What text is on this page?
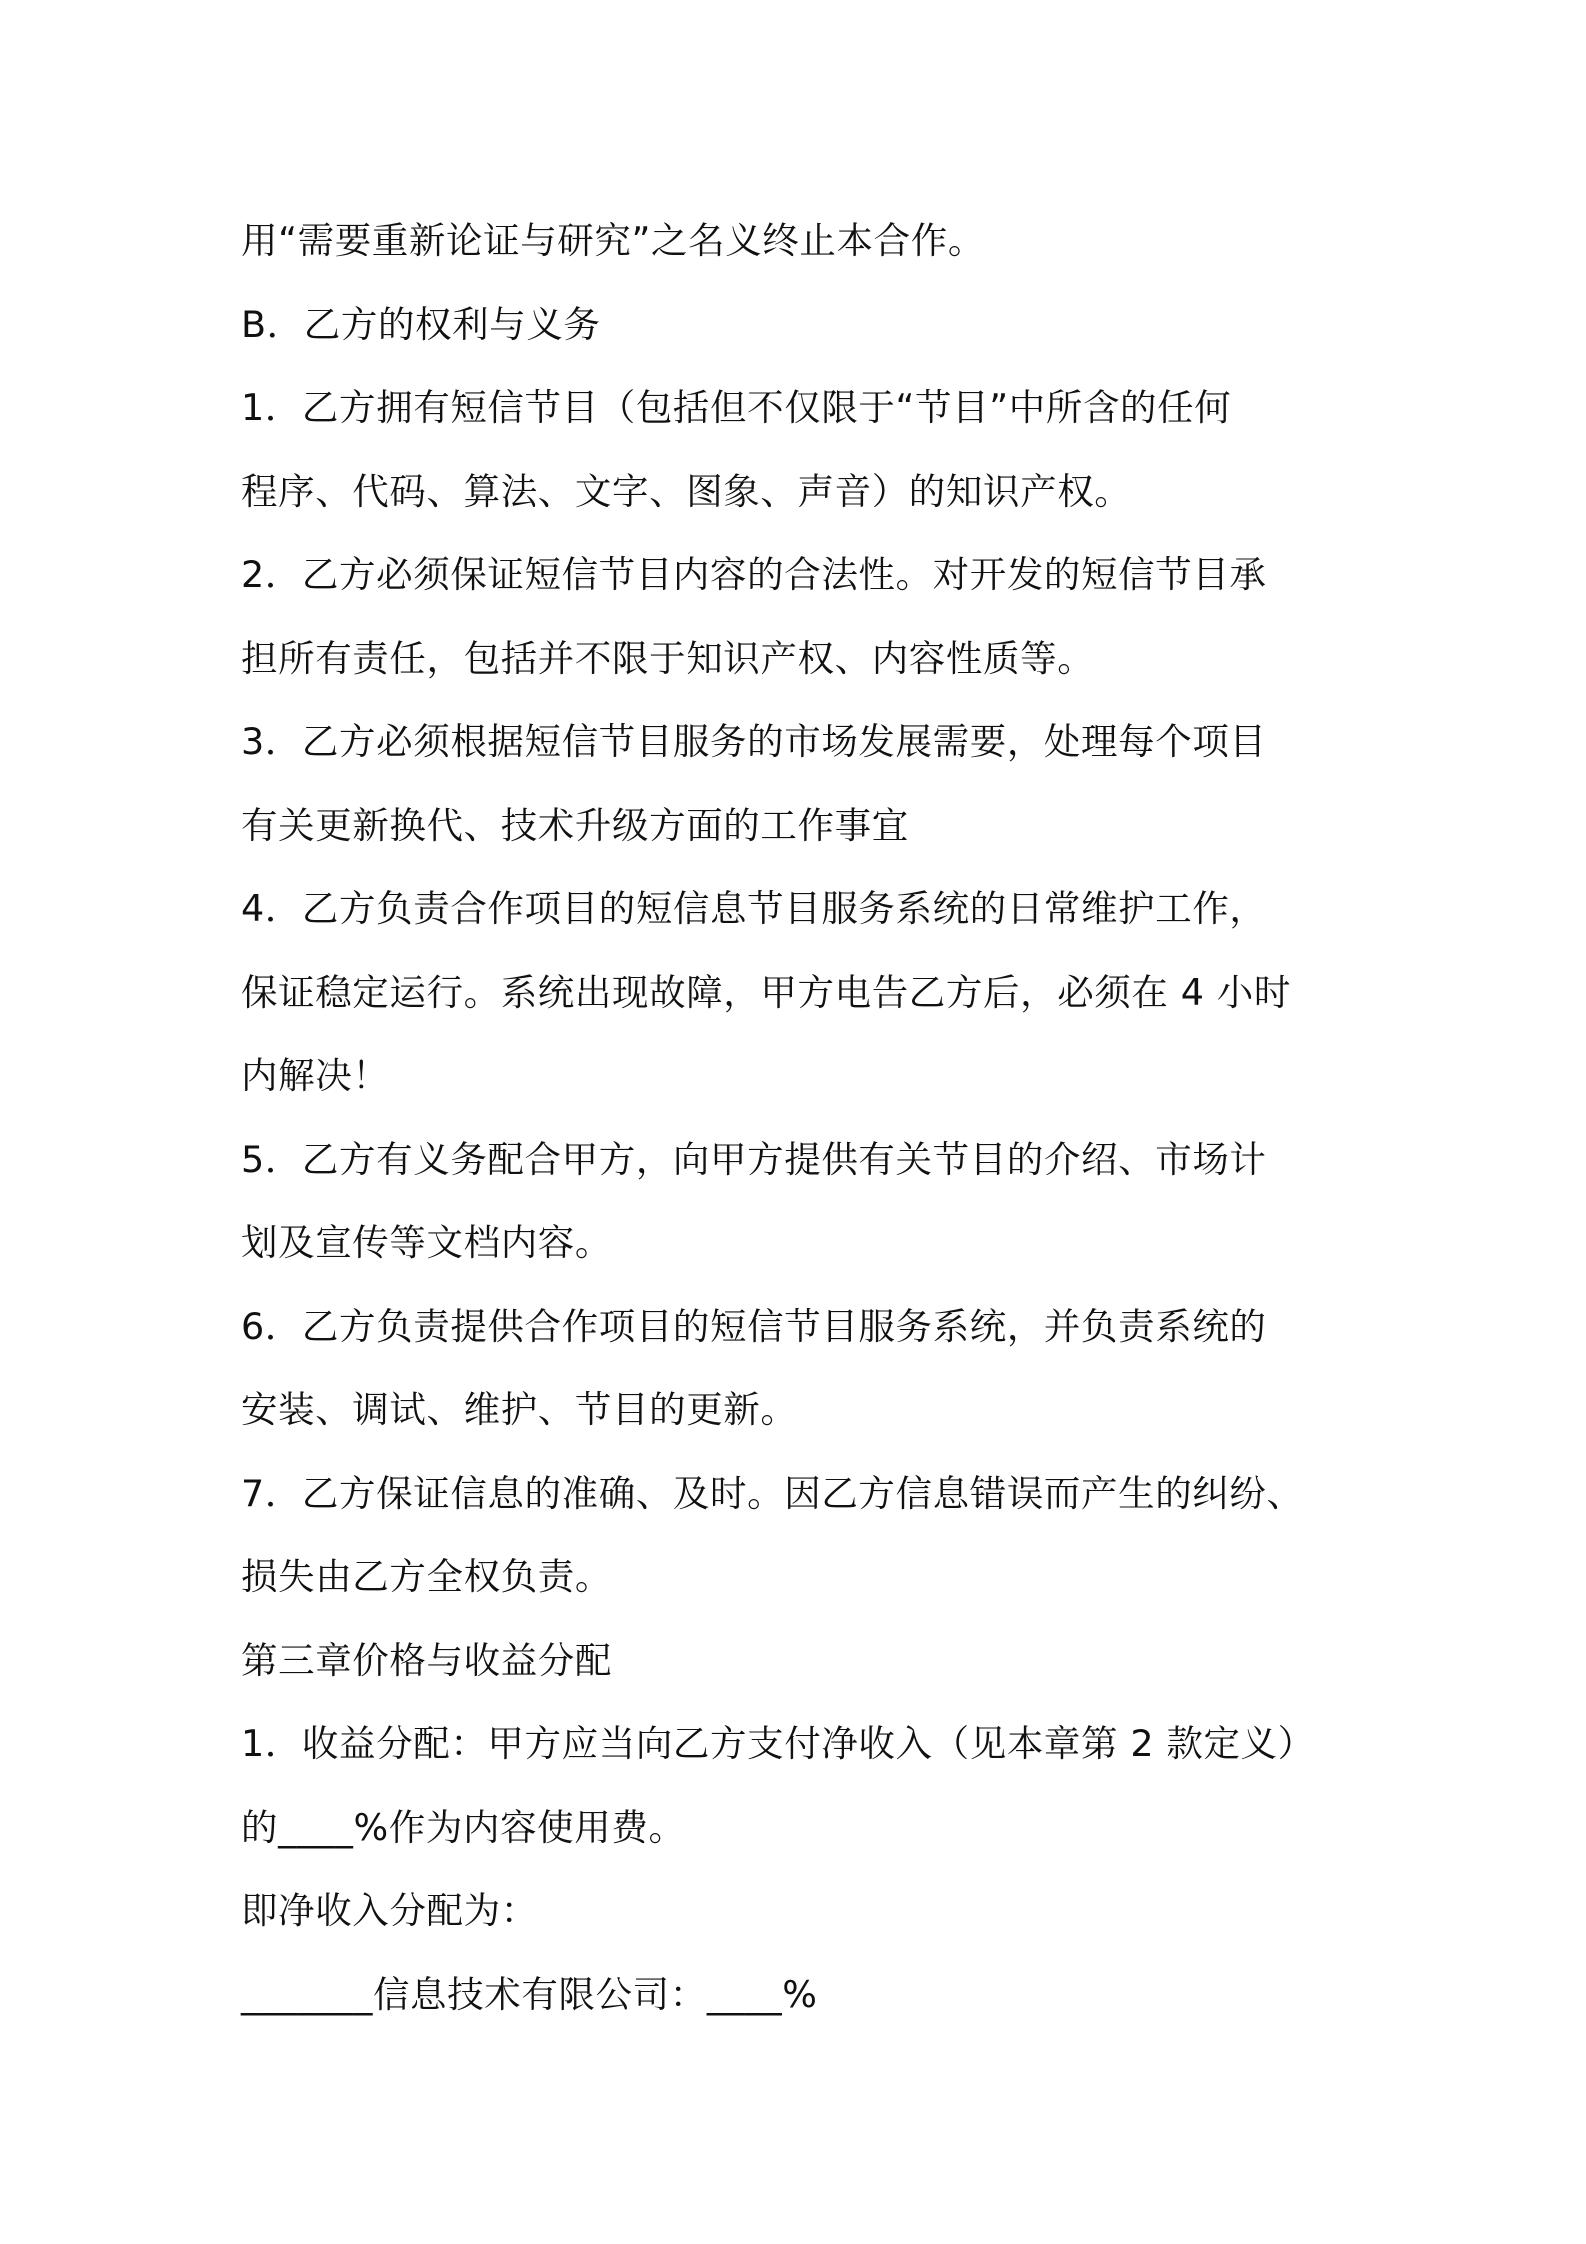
用“需要重新论证与研究”之名义终止本合作。
B．乙方的权利与义务
1．乙方拥有短信节目（包括但不仅限于“节目”中所含的任何
程序、代码、算法、文字、图象、声音）的知识产权。
2．乙方必须保证短信节目内容的合法性。对开发的短信节目承
担所有责任，包括并不限于知识产权、内容性质等。
3．乙方必须根据短信节目服务的市场发展需要，处理每个项目
有关更新换代、技术升级方面的工作事宜
4．乙方负责合作项目的短信息节目服务系统的日常维护工作，
保证稳定运行。系统出现故障，甲方电告乙方后，必须在 4 小时
内解决！
5．乙方有义务配合甲方，向甲方提供有关节目的介绍、市场计
划及宣传等文档内容。
6．乙方负责提供合作项目的短信节目服务系统，并负责系统的
安装、调试、维护、节目的更新。
7．乙方保证信息的准确、及时。因乙方信息错误而产生的纠纷、
损失由乙方全权负责。
第三章价格与收益分配
1．收益分配：甲方应当向乙方支付净收入（见本章第 2 款定义）
的____%作为内容使用费。
即净收入分配为：
_______信息技术有限公司：____%
